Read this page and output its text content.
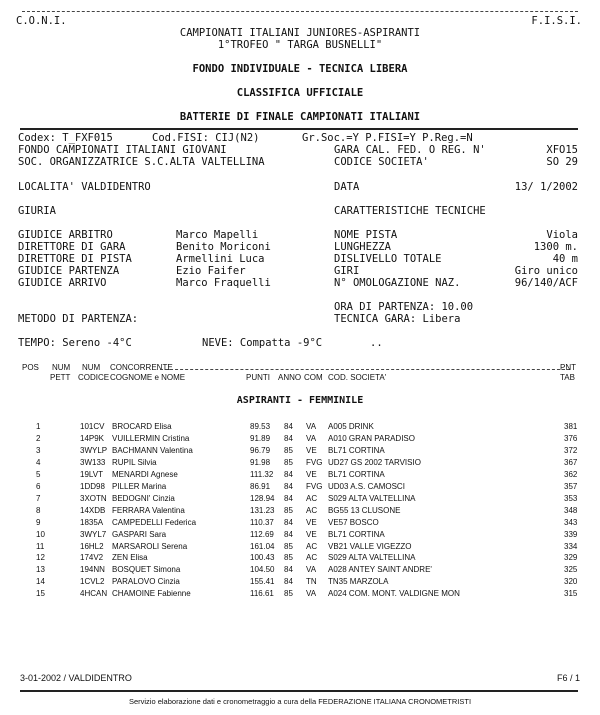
C.O.N.I.	F.I.S.I.
CAMPIONATI ITALIANI JUNIORES-ASPIRANTI
1°TROFEO " TARGA BUSNELLI"
FONDO INDIVIDUALE - TECNICA LIBERA
CLASSIFICA UFFICIALE
BATTERIE DI FINALE CAMPIONATI ITALIANI
Codex: T_FXF015	Cod.FISI: CIJ(N2)	Gr.Soc.=Y P.FISI=Y P.Reg.=N
FONDO CAMPIONATI ITALIANI GIOVANI	GARA CAL. FED. O REG. N'	XFO15
SOC. ORGANIZZATRICE S.C.ALTA VALTELLINA	CODICE SOCIETA'	SO 29
LOCALITA' VALDIDENTRO	DATA	13/ 1/2002
GIURIA	CARATTERISTICHE TECNICHE
GIUDICE ARBITRO	Marco Mapelli
DIRETTORE DI GARA	Benito Moriconi
DIRETTORE DI PISTA	Armellini Luca
GIUDICE PARTENZA	Ezio Faifer
GIUDICE ARRIVO	Marco Fraquelli
NOME PISTA	Viola
LUNGHEZZA	1300 m.
DISLIVELLO TOTALE	40 m
GIRI	Giro unico
N° OMOLOGAZIONE NAZ.	96/140/ACF
ORA DI PARTENZA: 10.00
METODO DI PARTENZA:	TECNICA GARA: Libera
TEMPO: Sereno -4°C	NEVE: Compatta -9°C	..
POS NUM
PETT
NUM
CODICE
CONCORRENTE
COGNOME e NOME	PUNTI ANNO COM COD. SOCIETA'
PNT
TAB
ASPIRANTI - FEMMINILE
1	101CV BROCARD Elisa	89.53 84 VA A005 DRINK	381
2	14P9K VUILLERMIN Cristina	91.89 84 VA A010 GRAN PARADISO	376
3	3WYLP BACHMANN Valentina	96.79 85 VE BL71 CORTINA	372
4	3W133 RUPIL Silvia	91.98 85 FVG UD27 GS 2002 TARVISIO	367
5	19LVT MENARDI Agnese	111.32 84 VE BL71 CORTINA	362
6	1DD98 PILLER Marina	86.91 84 FVG UD03 A.S. CAMOSCI	357
7	3XOTN BEDOGNI' Cinzia	128.94 84 AC S029 ALTA VALTELLINA	353
8	14XDB FERRARA Valentina	131.23 85 AC BG55 13 CLUSONE	348
9	1835A CAMPEDELLI Federica	110.37 84 VE VE57 BOSCO	343
10	3WYL7 GASPARI Sara	112.69 84 VE BL71 CORTINA	339
11	16HL2 MARSAROLI Serena	161.04 85 AC VB21 VALLE VIGEZZO	334
12	174V2 ZEN Elisa	100.43 85 AC S029 ALTA VALTELLINA	329
13	194NN BOSQUET Simona	104.50 84 VA A028 ANTEY SAINT ANDRE'	325
14	1CVL2 PARALOVO Cinzia	155.41 84 TN TN35 MARZOLA	320
15	4HCAN CHAMOINE Fabienne	116.61 85 VA A024 COM. MONT. VALDIGNE MON	315
3-01-2002 / VALDIDENTRO	F6 / 1
Servizio elaborazione dati e cronometraggio a cura della FEDERAZIONE ITALIANA CRONOMETRISTI
